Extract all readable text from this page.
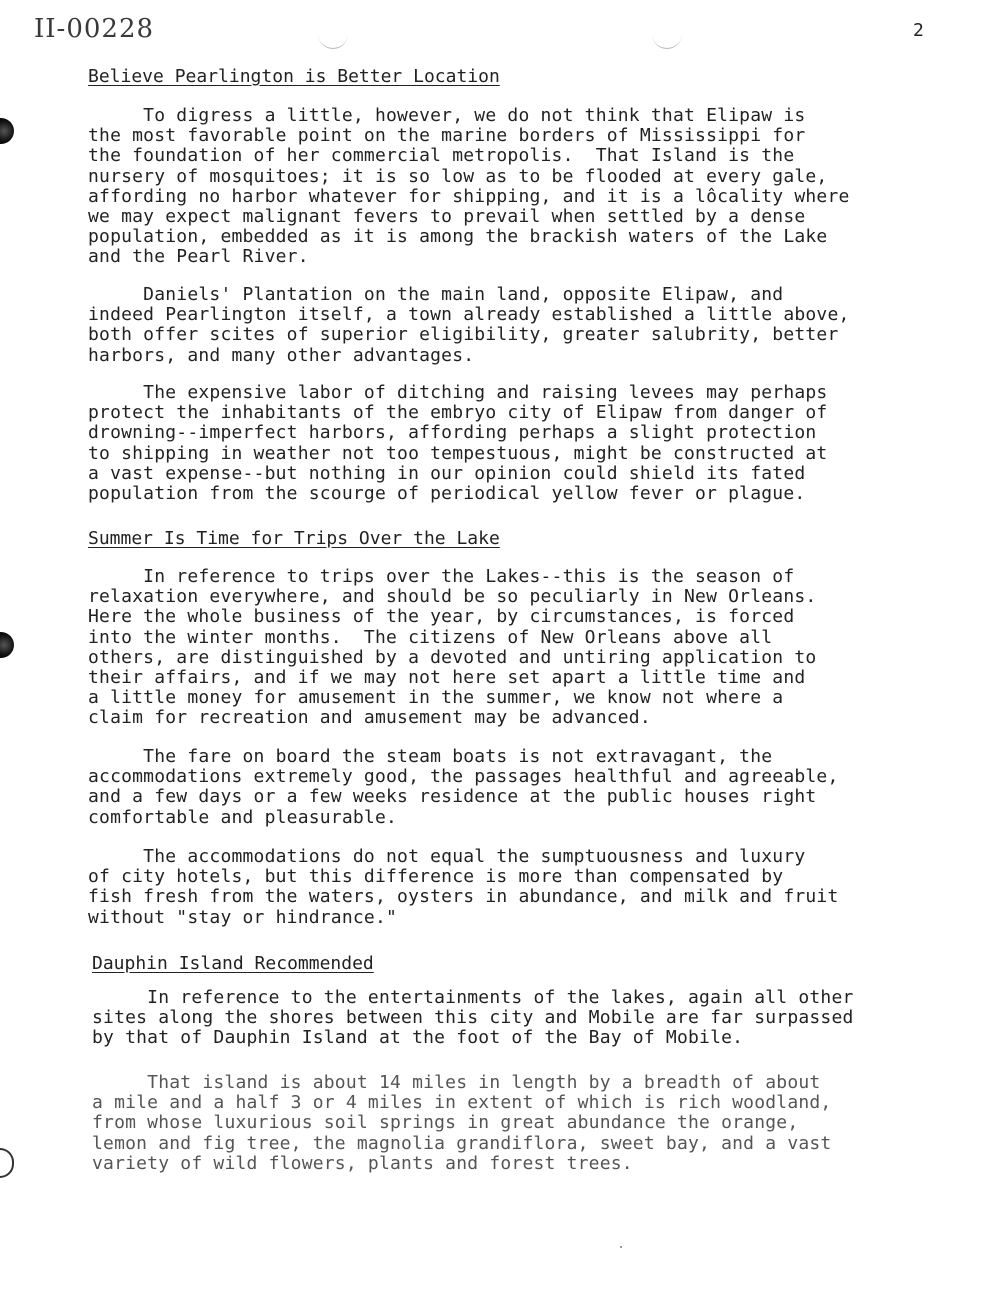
II-00228	2
Believe Pearlington is Better Location
To digress a little, however, we do not think that Elipaw is
the most favorable point on the marine borders of Mississippi for
the foundation of her commercial metropolis.  That Island is the
nursery of mosquitoes; it is so low as to be flooded at every gale,
affording no harbor whatever for shipping, and it is a lôcality where
we may expect malignant fevers to prevail when settled by a dense
population, embedded as it is among the brackish waters of the Lake
and the Pearl River.
Daniels' Plantation on the main land, opposite Elipaw, and
indeed Pearlington itself, a town already established a little above,
both offer scites of superior eligibility, greater salubrity, better
harbors, and many other advantages.
The expensive labor of ditching and raising levees may perhaps
protect the inhabitants of the embryo city of Elipaw from danger of
drowning--imperfect harbors, affording perhaps a slight protection
to shipping in weather not too tempestuous, might be constructed at
a vast expense--but nothing in our opinion could shield its fated
population from the scourge of periodical yellow fever or plague.
Summer Is Time for Trips Over the Lake
In reference to trips over the Lakes--this is the season of
relaxation everywhere, and should be so peculiarly in New Orleans.
Here the whole business of the year, by circumstances, is forced
into the winter months.  The citizens of New Orleans above all
others, are distinguished by a devoted and untiring application to
their affairs, and if we may not here set apart a little time and
a little money for amusement in the summer, we know not where a
claim for recreation and amusement may be advanced.
The fare on board the steam boats is not extravagant, the
accommodations extremely good, the passages healthful and agreeable,
and a few days or a few weeks residence at the public houses right
comfortable and pleasurable.
The accommodations do not equal the sumptuousness and luxury
of city hotels, but this difference is more than compensated by
fish fresh from the waters, oysters in abundance, and milk and fruit
without "stay or hindrance."
Dauphin Island Recommended
In reference to the entertainments of the lakes, again all other
sites along the shores between this city and Mobile are far surpassed
by that of Dauphin Island at the foot of the Bay of Mobile.
That island is about 14 miles in length by a breadth of about
a mile and a half 3 or 4 miles in extent of which is rich woodland,
from whose luxurious soil springs in great abundance the orange,
lemon and fig tree, the magnolia grandiflora, sweet bay, and a vast
variety of wild flowers, plants and forest trees.
